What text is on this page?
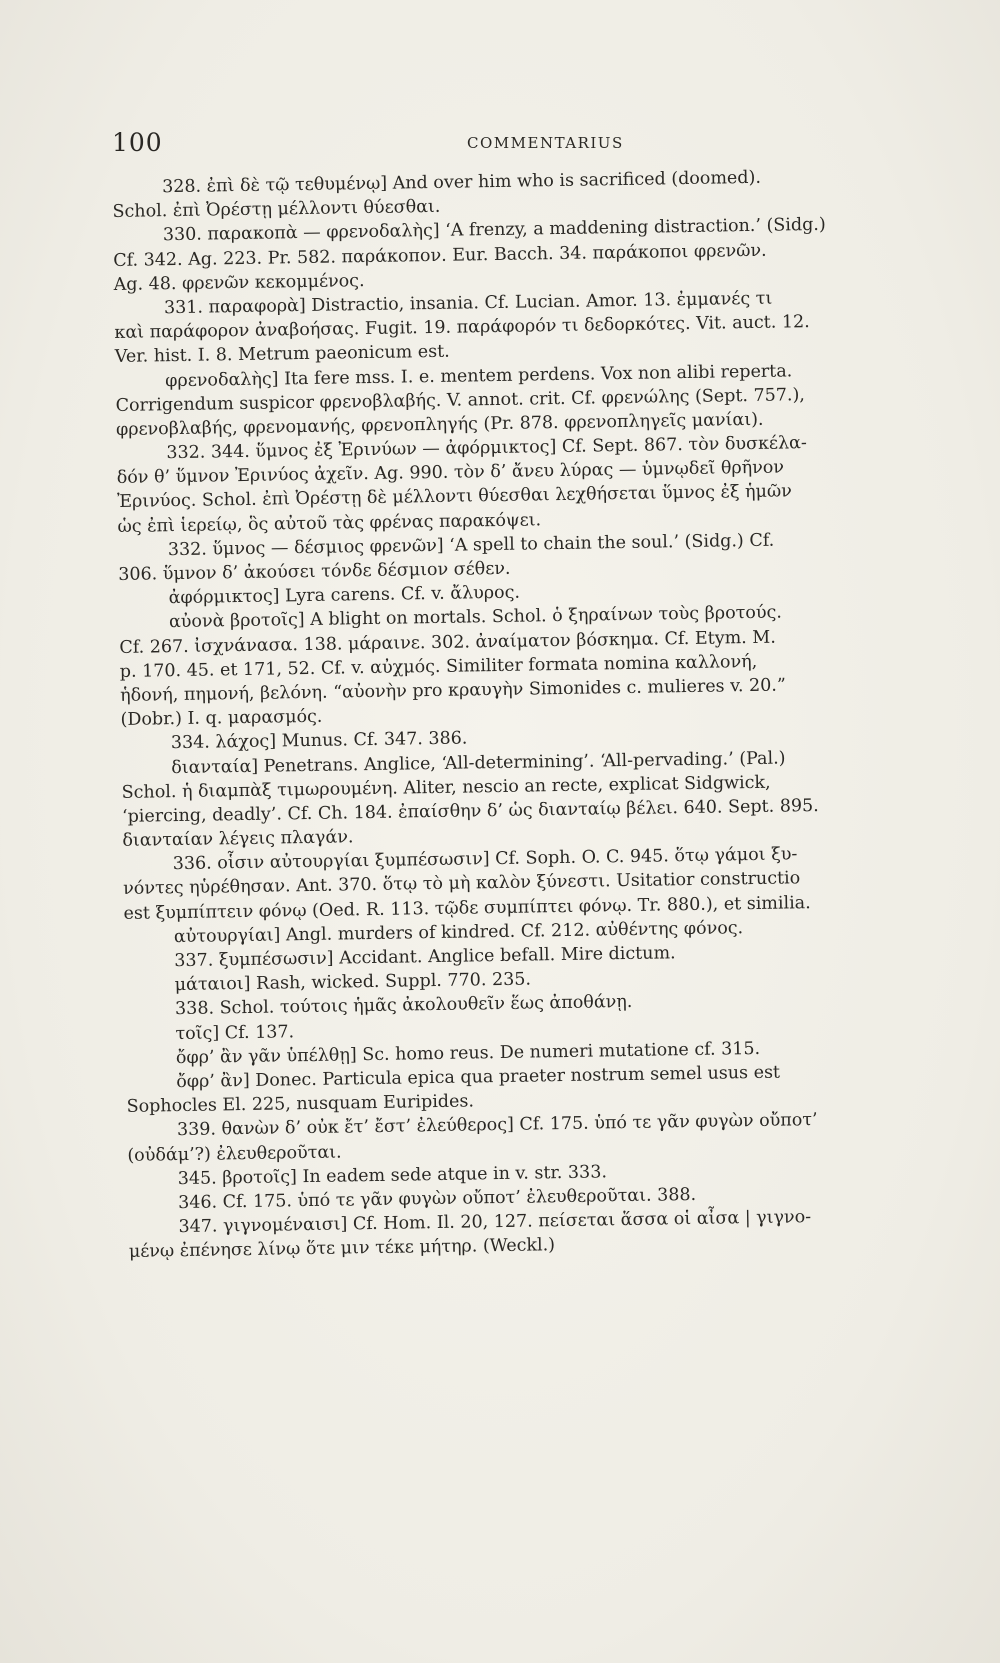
100	COMMENTARIUS
328. ἐπὶ δὲ τῷ τεθυμένῳ] And over him who is sacrificed (doomed).
Schol. ἐπὶ Ὀρέστῃ μέλλοντι θύεσθαι.
330. παρακοπὰ — φρενοδαλὴς] ‘A frenzy, a maddening distraction.’ (Sidg.)
Cf. 342. Ag. 223. Pr. 582. παράκοπον. Eur. Bacch. 34. παράκοποι φρενῶν.
Ag. 48. φρενῶν κεκομμένος.
331. παραφορὰ] Distractio, insania. Cf. Lucian. Amor. 13. ἐμμανές τι
καὶ παράφορον ἀναβοήσας. Fugit. 19. παράφορόν τι δεδορκότες. Vit. auct. 12.
Ver. hist. I. 8. Metrum paeonicum est.
φρενοδαλὴς] Ita fere mss. I. e. mentem perdens. Vox non alibi reperta.
Corrigendum suspicor φρενοβλαβής. V. annot. crit. Cf. φρενώλης (Sept. 757.),
φρενοβλαβής, φρενομανής, φρενοπληγής (Pr. 878. φρενοπληγεῖς μανίαι).
332. 344. ὕμνος ἐξ Ἐρινύων — ἀφόρμικτος] Cf. Sept. 867. τὸν δυσκέλα-
δόν θ’ ὕμνον Ἐρινύος ἀχεῖν. Ag. 990. τὸν δ’ ἄνευ λύρας — ὑμνῳδεῖ θρῆνον
Ἐρινύος. Schol. ἐπὶ Ὀρέστῃ δὲ μέλλοντι θύεσθαι λεχθήσεται ὕμνος ἐξ ἡμῶν
ὡς ἐπὶ ἱερείῳ, ὃς αὐτοῦ τὰς φρένας παρακόψει.
332. ὕμνος — δέσμιος φρενῶν] ‘A spell to chain the soul.’ (Sidg.) Cf.
306. ὕμνον δ’ ἀκούσει τόνδε δέσμιον σέθεν.
ἀφόρμικτος] Lyra carens. Cf. v. ἄλυρος.
αὐονὰ βροτοῖς] A blight on mortals. Schol. ὁ ξηραίνων τοὺς βροτούς.
Cf. 267. ἰσχνάνασα. 138. μάραινε. 302. ἀναίματον βόσκημα. Cf. Etym. M.
p. 170. 45. et 171, 52. Cf. v. αὐχμός. Similiter formata nomina καλλονή,
ἡδονή, πημονή, βελόνη. “αὐονὴν pro κραυγὴν Simonides c. mulieres v. 20.”
(Dobr.) I. q. μαρασμός.
334. λάχος] Munus. Cf. 347. 386.
διανταία] Penetrans. Anglice, ‘All-determining’. ‘All-pervading.’ (Pal.)
Schol. ἡ διαμπὰξ τιμωρουμένη. Aliter, nescio an recte, explicat Sidgwick,
‘piercing, deadly’. Cf. Ch. 184. ἐπαίσθην δ’ ὡς διανταίῳ βέλει. 640. Sept. 895.
διανταίαν λέγεις πλαγάν.
336. οἷσιν αὐτουργίαι ξυμπέσωσιν] Cf. Soph. O. C. 945. ὅτῳ γάμοι ξυ-
νόντες ηὑρέθησαν. Ant. 370. ὅτῳ τὸ μὴ καλὸν ξύνεστι. Usitatior constructio
est ξυμπίπτειν φόνῳ (Oed. R. 113. τῷδε συμπίπτει φόνῳ. Tr. 880.), et similia.
αὐτουργίαι] Angl. murders of kindred. Cf. 212. αὐθέντης φόνος.
337. ξυμπέσωσιν] Accidant. Anglice befall. Mire dictum.
μάταιοι] Rash, wicked. Suppl. 770. 235.
338. Schol. τούτοις ἡμᾶς ἀκολουθεῖν ἕως ἀποθάνῃ.
τοῖς] Cf. 137.
ὄφρ’ ἂν γᾶν ὑπέλθῃ] Sc. homo reus. De numeri mutatione cf. 315.
ὄφρ’ ἂν] Donec. Particula epica qua praeter nostrum semel usus est
Sophocles El. 225, nusquam Euripides.
339. θανὼν δ’ οὐκ ἔτ’ ἔστ’ ἐλεύθερος] Cf. 175. ὑπό τε γᾶν φυγὼν οὔποτ’
(οὐδάμ’?) ἐλευθεροῦται.
345. βροτοῖς] In eadem sede atque in v. str. 333.
346. Cf. 175. ὑπό τε γᾶν φυγὼν οὔποτ’ ἐλευθεροῦται. 388.
347. γιγνομέναισι] Cf. Hom. Il. 20, 127. πείσεται ἅσσα οἱ αἶσα | γιγνο-
μένῳ ἐπένησε λίνῳ ὅτε μιν τέκε μήτηρ. (Weckl.)
